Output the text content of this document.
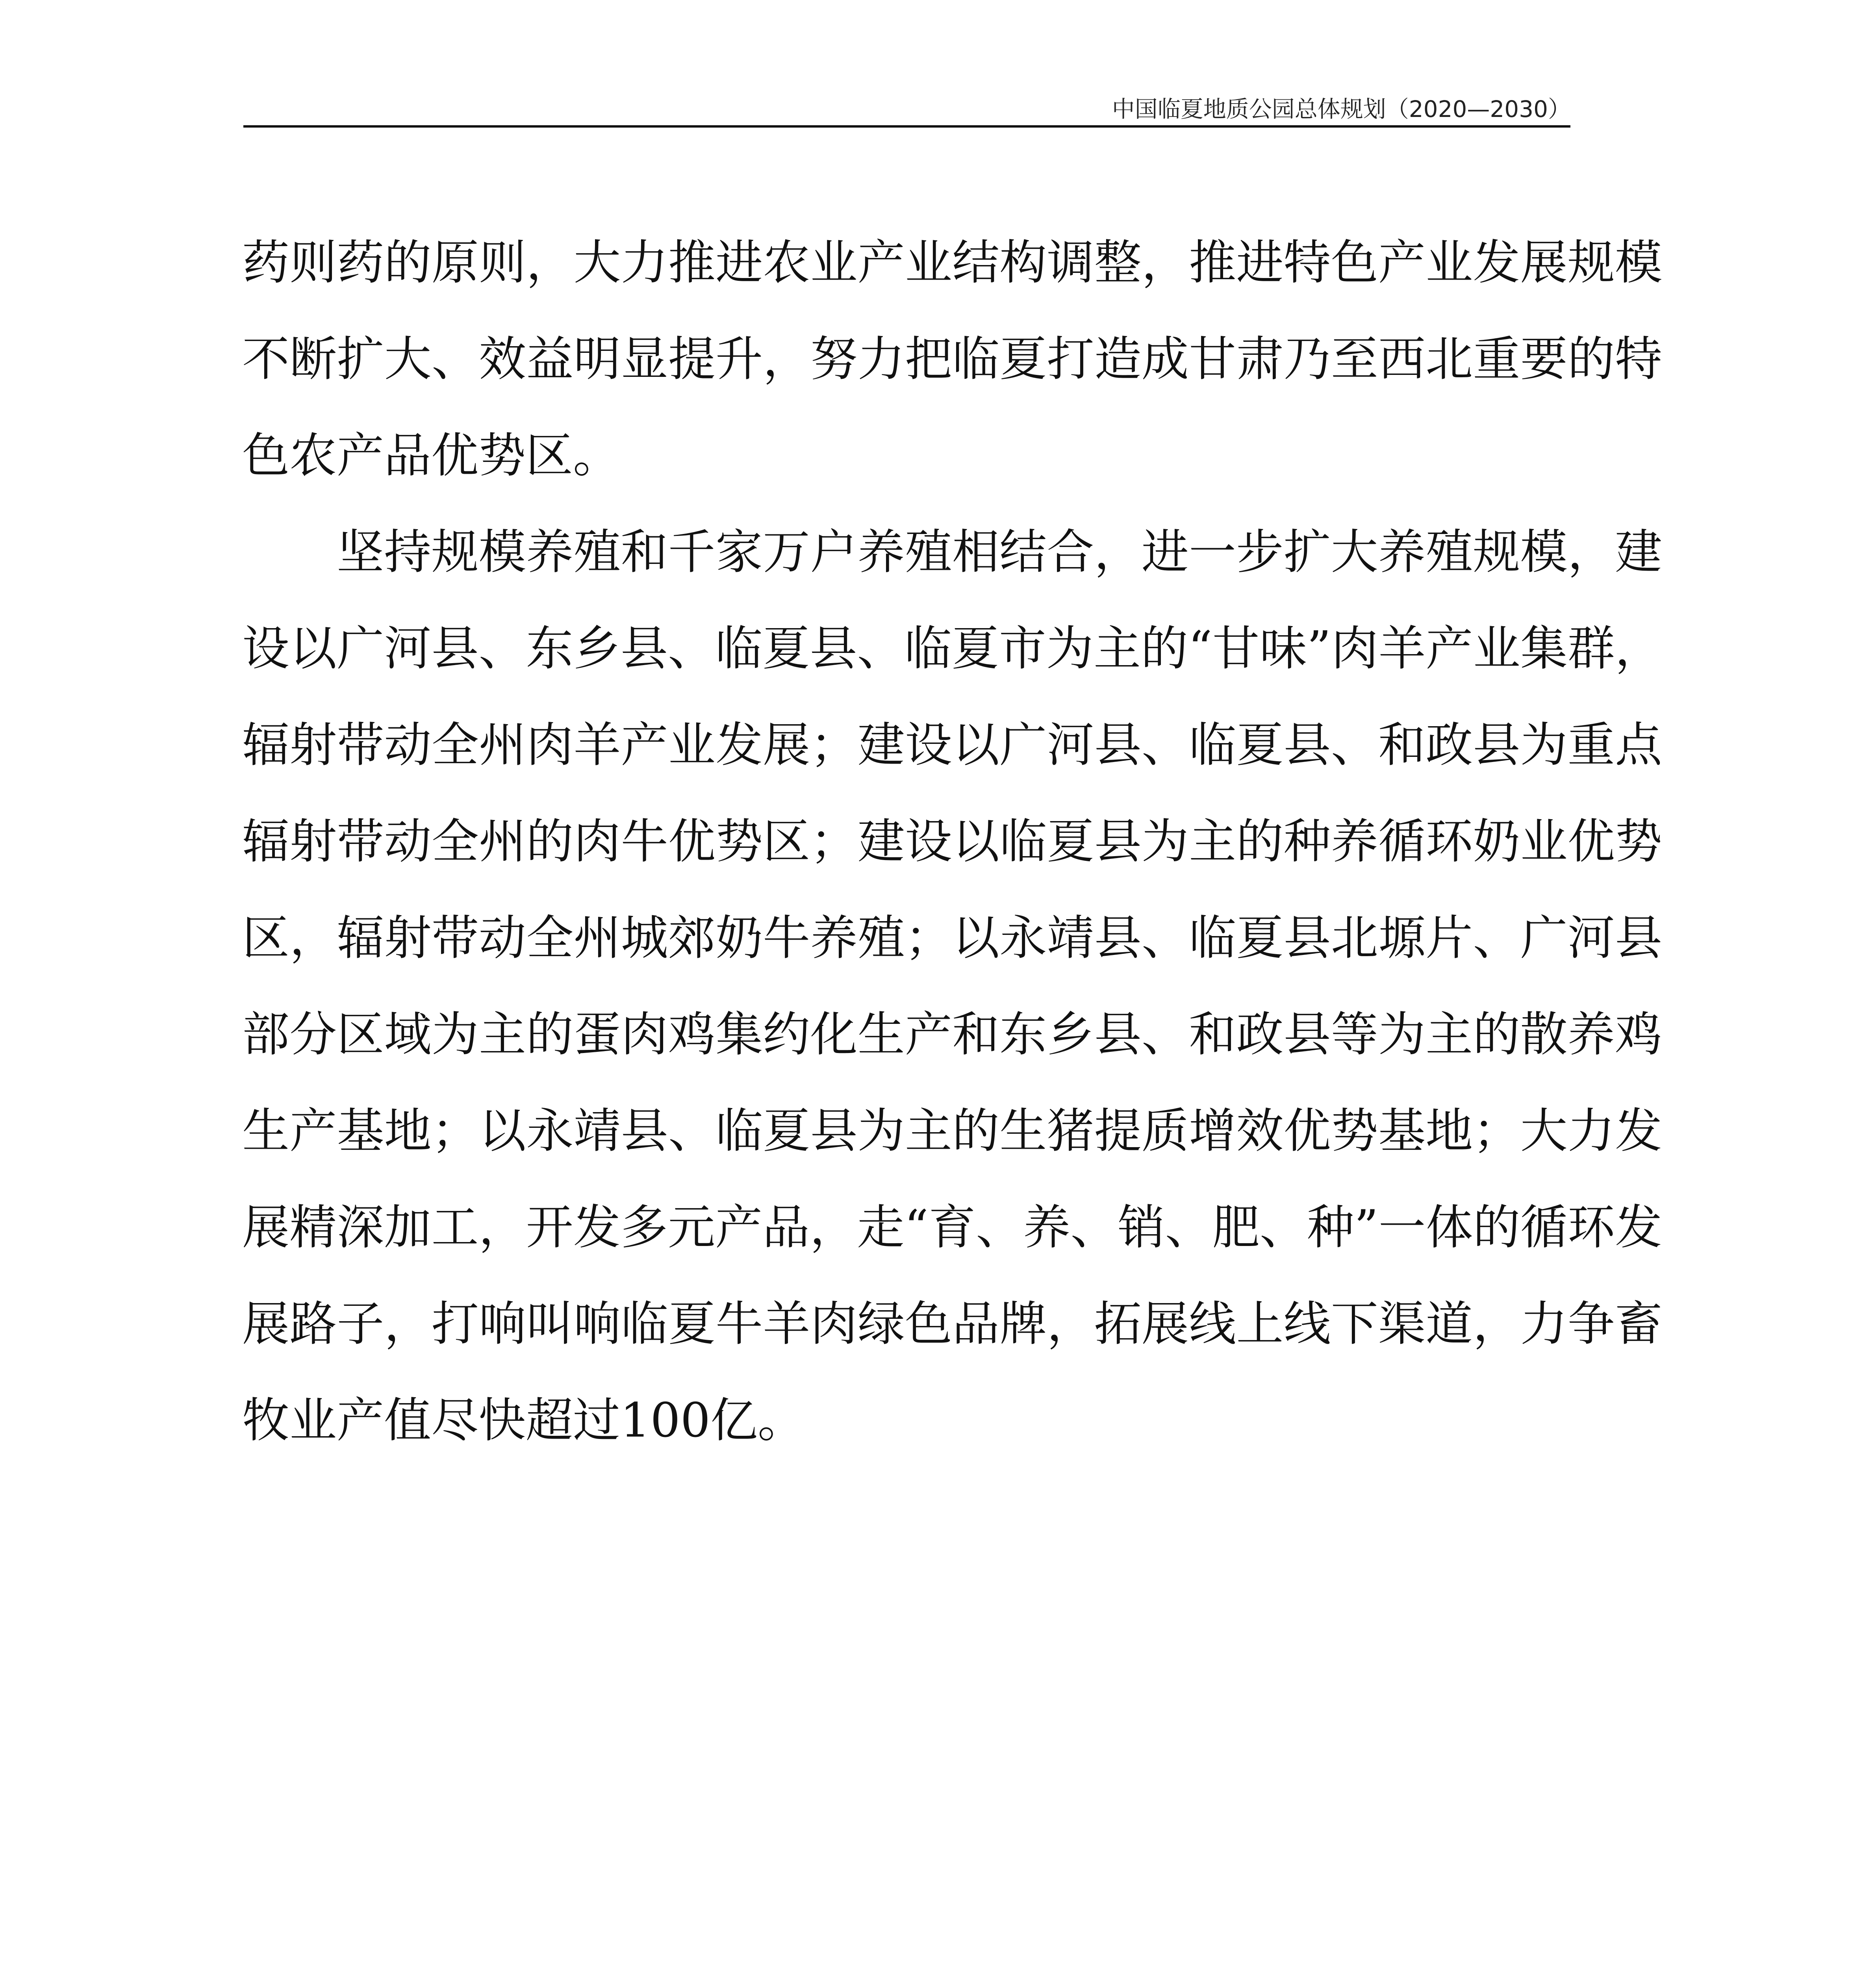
中国临夏地质公园总体规划（2020—2030）

药则药的原则，大力推进农业产业结构调整，推进特色产业发展规模不断扩大、效益明显提升，努力把临夏打造成甘肃乃至西北重要的特色农产品优势区。

坚持规模养殖和千家万户养殖相结合，进一步扩大养殖规模，建设以广河县、东乡县、临夏县、临夏市为主的“甘味”肉羊产业集群，辐射带动全州肉羊产业发展；建设以广河县、临夏县、和政县为重点辐射带动全州的肉牛优势区；建设以临夏县为主的种养循环奶业优势区，辐射带动全州城郊奶牛养殖；以永靖县、临夏县北塬片、广河县部分区域为主的蛋肉鸡集约化生产和东乡县、和政县等为主的散养鸡生产基地；以永靖县、临夏县为主的生猪提质增效优势基地；大力发展精深加工，开发多元产品，走“育、养、销、肥、种”一体的循环发展路子，打响叫响临夏牛羊肉绿色品牌，拓展线上线下渠道，力争畜牧业产值尽快超过100亿。
